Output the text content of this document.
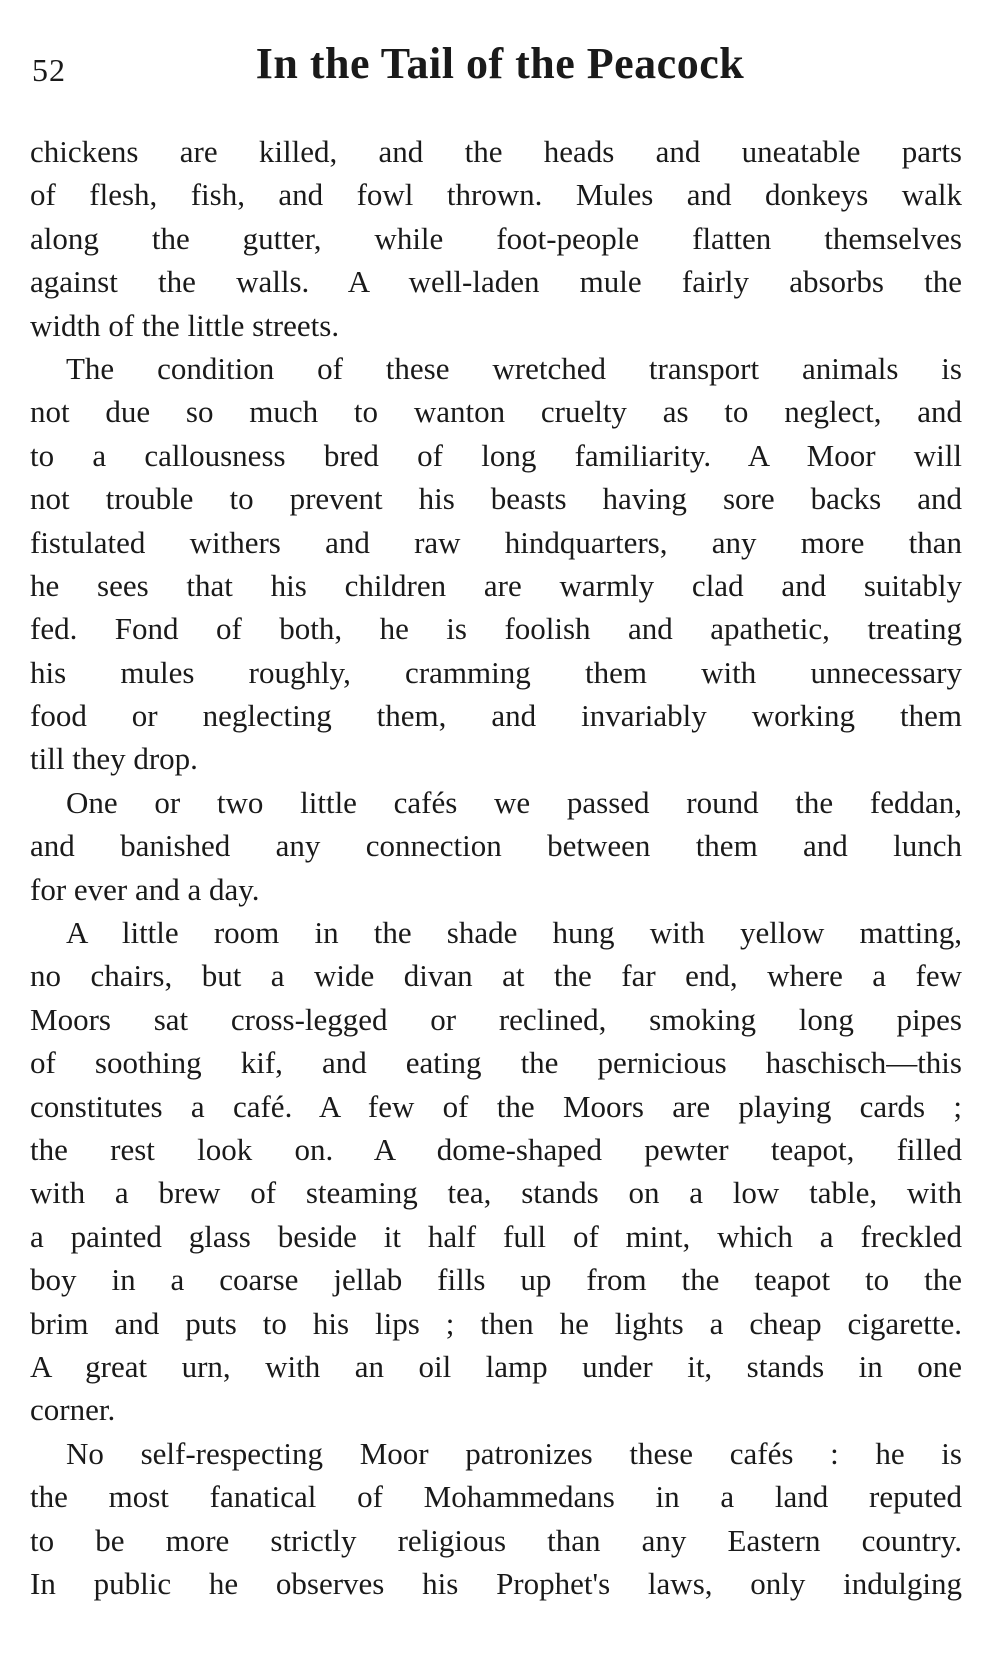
52	In the Tail of the Peacock
chickens are killed, and the heads and uneatable parts
of flesh, fish, and fowl thrown. Mules and donkeys walk
along the gutter, while foot-people flatten themselves
against the walls. A well-laden mule fairly absorbs the
width of the little streets.
The condition of these wretched transport animals is
not due so much to wanton cruelty as to neglect, and
to a callousness bred of long familiarity. A Moor will
not trouble to prevent his beasts having sore backs and
fistulated withers and raw hindquarters, any more than
he sees that his children are warmly clad and suitably
fed. Fond of both, he is foolish and apathetic, treating
his mules roughly, cramming them with unnecessary
food or neglecting them, and invariably working them
till they drop.
One or two little cafés we passed round the feddan,
and banished any connection between them and lunch
for ever and a day.
A little room in the shade hung with yellow matting,
no chairs, but a wide divan at the far end, where a few
Moors sat cross-legged or reclined, smoking long pipes
of soothing kif, and eating the pernicious haschisch—this
constitutes a café. A few of the Moors are playing cards ;
the rest look on. A dome-shaped pewter teapot, filled
with a brew of steaming tea, stands on a low table, with
a painted glass beside it half full of mint, which a freckled
boy in a coarse jellab fills up from the teapot to the
brim and puts to his lips ; then he lights a cheap cigarette.
A great urn, with an oil lamp under it, stands in one
corner.
No self-respecting Moor patronizes these cafés : he is
the most fanatical of Mohammedans in a land reputed
to be more strictly religious than any Eastern country.
In public he observes his Prophet's laws, only indulging
